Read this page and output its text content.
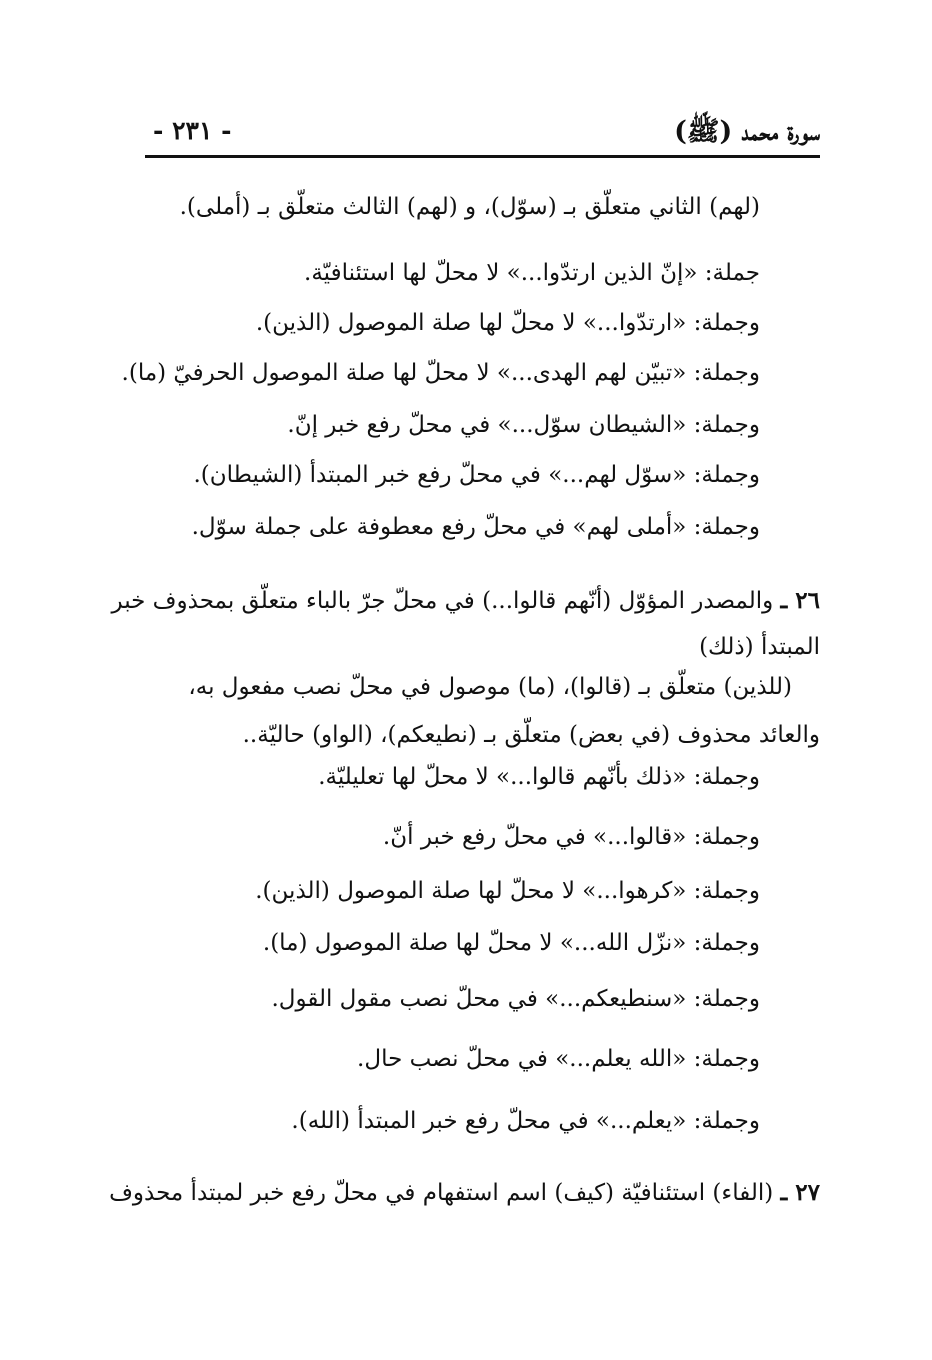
سورة محمد (ﷺ)
- ٢٣١ -
(لهم) الثاني متعلّق بـ (سوّل)، و (لهم) الثالث متعلّق بـ (أملى).
جملة: «إنّ الذين ارتدّوا...» لا محلّ لها استئنافيّة.
وجملة: «ارتدّوا...» لا محلّ لها صلة الموصول (الذين).
وجملة: «تبيّن لهم الهدى...» لا محلّ لها صلة الموصول الحرفيّ (ما).
وجملة: «الشيطان سوّل...» في محلّ رفع خبر إنّ.
وجملة: «سوّل لهم...» في محلّ رفع خبر المبتدأ (الشيطان).
وجملة: «أملى لهم» في محلّ رفع معطوفة على جملة سوّل.
٢٦ ـ والمصدر المؤوّل (أنّهم قالوا...) في محلّ جرّ بالباء متعلّق بمحذوف خبر
المبتدأ (ذلك)
(للذين) متعلّق بـ (قالوا)، (ما) موصول في محلّ نصب مفعول به،
والعائد محذوف (في بعض) متعلّق بـ (نطيعكم)، (الواو) حاليّة..
وجملة: «ذلك بأنّهم قالوا...» لا محلّ لها تعليليّة.
وجملة: «قالوا...» في محلّ رفع خبر أنّ.
وجملة: «كرهوا...» لا محلّ لها صلة الموصول (الذين).
وجملة: «نزّل الله...» لا محلّ لها صلة الموصول (ما).
وجملة: «سنطيعكم...» في محلّ نصب مقول القول.
وجملة: «الله يعلم...» في محلّ نصب حال.
وجملة: «يعلم...» في محلّ رفع خبر المبتدأ (الله).
٢٧ ـ (الفاء) استئنافيّة (كيف) اسم استفهام في محلّ رفع خبر لمبتدأ محذوف
